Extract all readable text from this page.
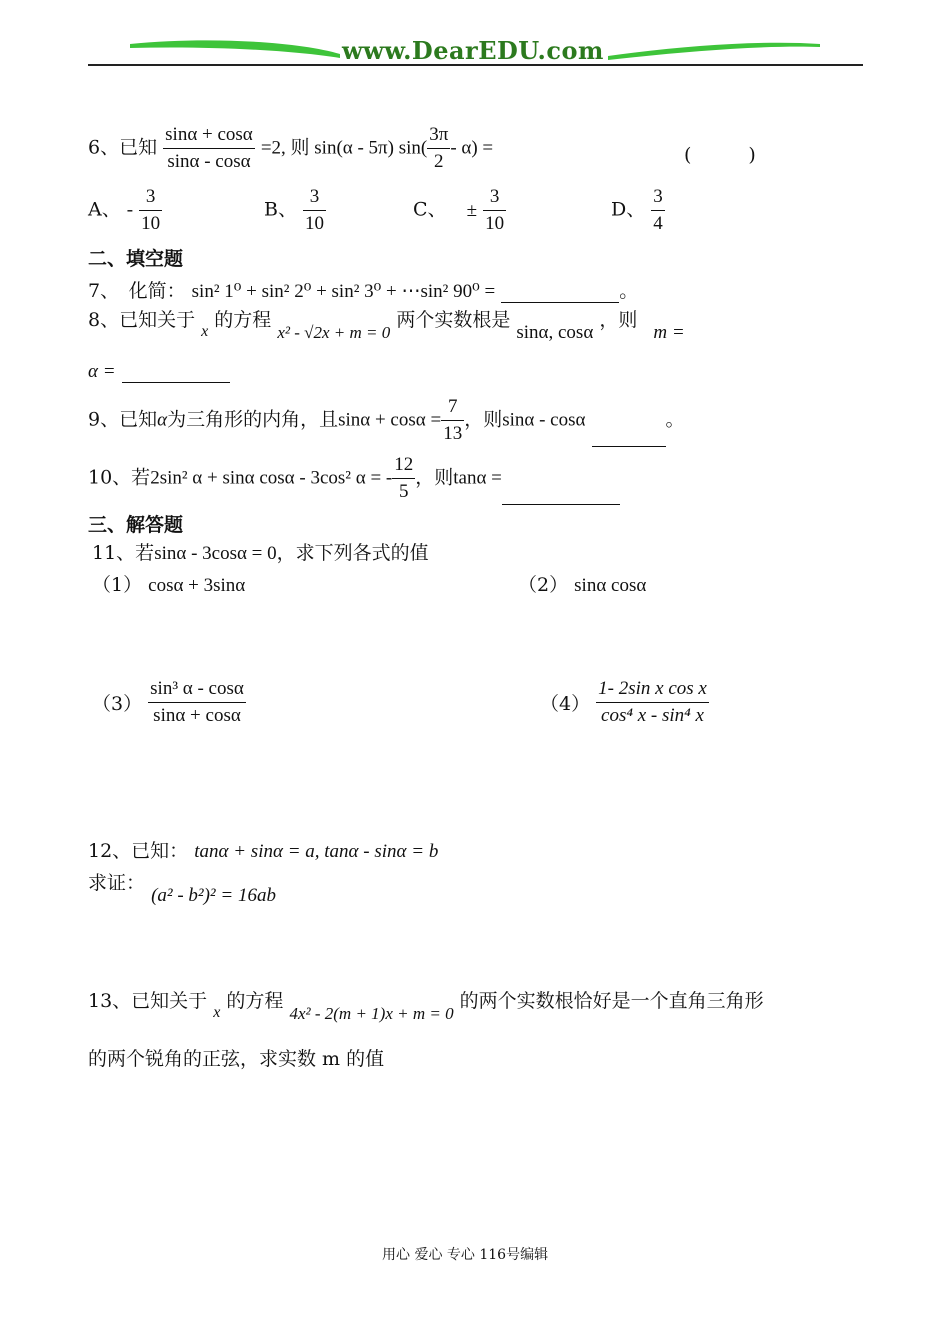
www.DearEDU.com
6、已知 $\frac{\sin\alpha + \cos\alpha}{\sin\alpha - \cos\alpha} =2$, 则 sin(α - 5π) $\sin( \frac{3\pi}{2} - \alpha)$ =	(　　　)
A、 - $\frac{3}{10}$	B、 $\frac{3}{10}$	C、 ± $\frac{3}{10}$	D、 $\frac{3}{4}$
二、填空题
7、　化简： sin² 1⁰ + sin² 2⁰ + sin² 3⁰ + ⋯sin² 90⁰ =	。
8、已知关于 $_x$ 的方程 x² - √2x + m = 0 两个实数根是 sinα, cosα ，则 m =
α =
9、已知α为三角形的内角，且$\sin\alpha + \cos\alpha = \frac{7}{13}$ ，则sinα - cosα	。
10、若2sin² α + sinα cosα - 3cos² α = - $\frac{12}{5}$ ，则tanα =
三、解答题
11、若sinα - 3cosα = 0，求下列各式的值
（1） cosα + 3sinα	（2） sinα cosα
$(3) \frac{\text{sin³ α - cosα}}{\sin\alpha + \cos\alpha}$	$(4) \frac{\text{1- 2sin x cos x}}{\text{cos⁴ x - sin⁴ x}}$
12、已知： tanα + sinα = a, tanα - sinα = b
求证： (a² - b²)² = 16ab
13、已知关于 $_x$ 的方程 4x² - 2(m + 1)x + m = 0 的两个实数根恰好是一个直角三角形
的两个锐角的正弦，求实数 m 的值
用心 爱心 专心 116号编辑
